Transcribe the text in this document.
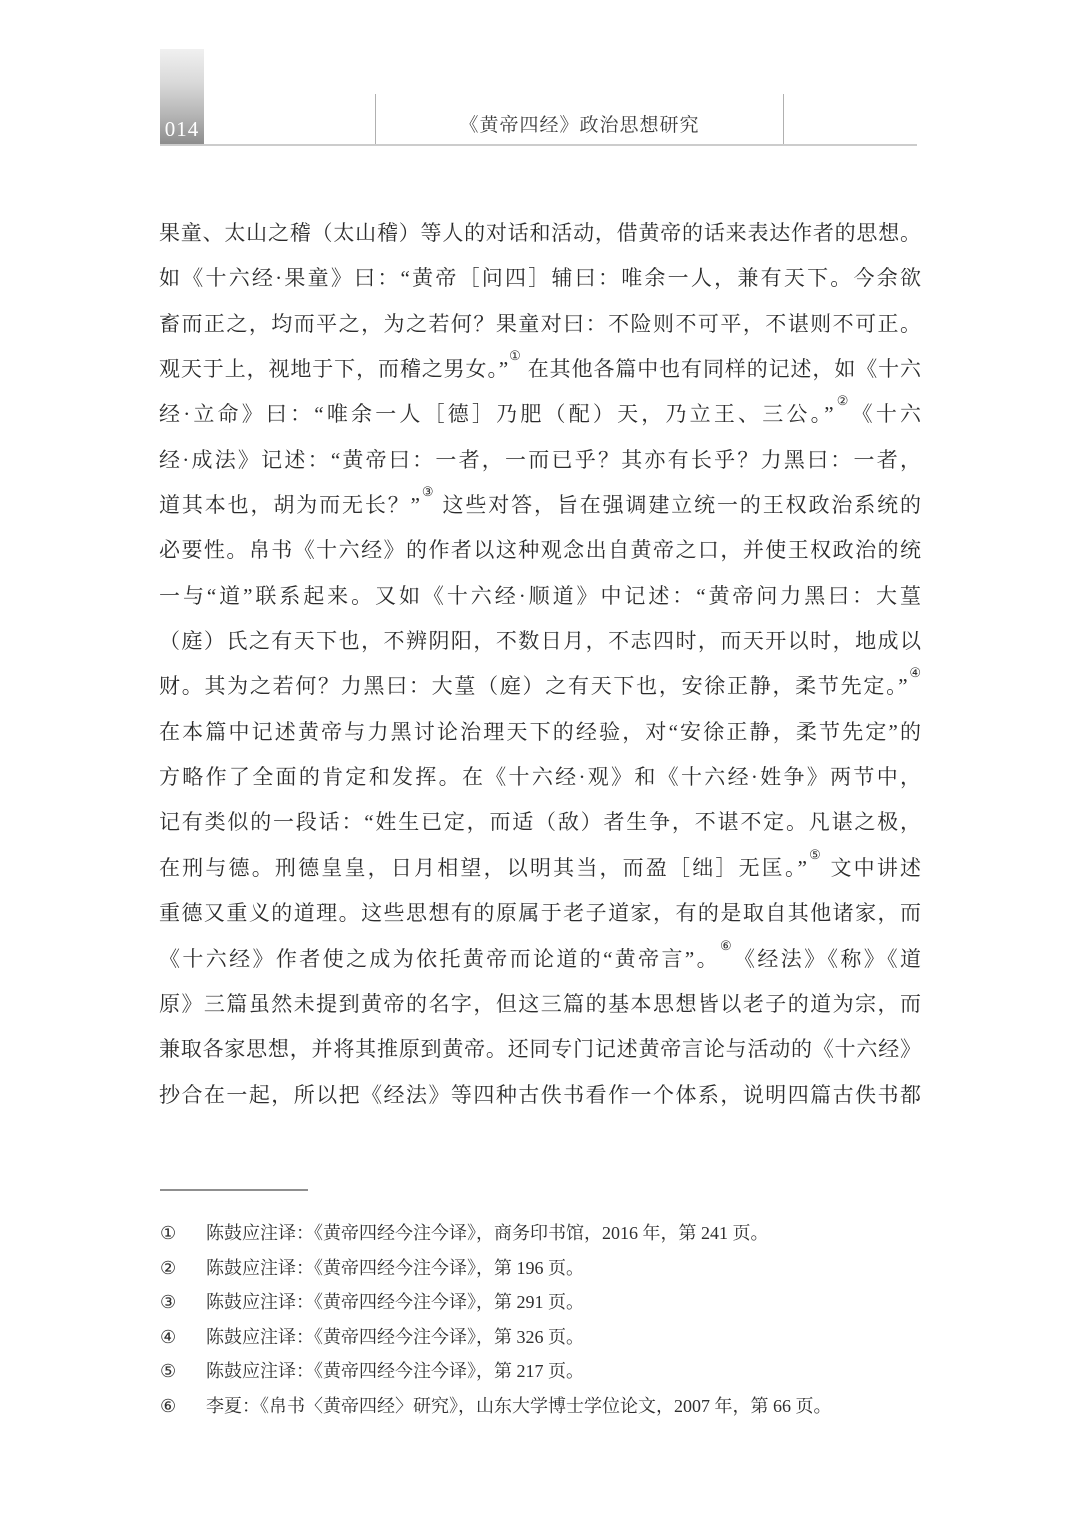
014	《黄帝四经》政治思想研究
果童、太山之稽（太山稽）等人的对话和活动，借黄帝的话来表达作者的思想。
如《十六经·果童》曰：“黄帝［问四］辅曰：唯余一人，兼有天下。今余欲
畜而正之，均而平之，为之若何？果童对曰：不险则不可平，不谌则不可正。
观天于上，视地于下，而稽之男女。”① 在其他各篇中也有同样的记述，如《十六
经·立命》曰：“唯余一人［德］乃肥（配）天，乃立王、三公。”②《十六
经·成法》记述：“黄帝曰：一者，一而已乎？其亦有长乎？力黑曰：一者，
道其本也，胡为而无长？”③ 这些对答，旨在强调建立统一的王权政治系统的
必要性。帛书《十六经》的作者以这种观念出自黄帝之口，并使王权政治的统
一与“道”联系起来。又如《十六经·顺道》中记述：“黄帝问力黑曰：大葟
（庭）氏之有天下也，不辨阴阳，不数日月，不志四时，而天开以时，地成以
财。其为之若何？力黑曰：大葟（庭）之有天下也，安徐正静，柔节先定。”④
在本篇中记述黄帝与力黑讨论治理天下的经验，对“安徐正静，柔节先定”的
方略作了全面的肯定和发挥。在《十六经·观》和《十六经·姓争》两节中，
记有类似的一段话：“姓生已定，而适（敌）者生争，不谌不定。凡谌之极，
在刑与德。刑德皇皇，日月相望，以明其当，而盈［绌］无匡。”⑤ 文中讲述
重德又重义的道理。这些思想有的原属于老子道家，有的是取自其他诸家，而
《十六经》作者使之成为依托黄帝而论道的“黄帝言”。⑥《经法》《称》《道
原》三篇虽然未提到黄帝的名字，但这三篇的基本思想皆以老子的道为宗，而
兼取各家思想，并将其推原到黄帝。还同专门记述黄帝言论与活动的《十六经》
抄合在一起，所以把《经法》等四种古佚书看作一个体系，说明四篇古佚书都
①	陈鼓应注译：《黄帝四经今注今译》，商务印书馆，2016 年，第 241 页。
②	陈鼓应注译：《黄帝四经今注今译》，第 196 页。
③	陈鼓应注译：《黄帝四经今注今译》，第 291 页。
④	陈鼓应注译：《黄帝四经今注今译》，第 326 页。
⑤	陈鼓应注译：《黄帝四经今注今译》，第 217 页。
⑥	李夏：《帛书〈黄帝四经〉研究》，山东大学博士学位论文，2007 年，第 66 页。
